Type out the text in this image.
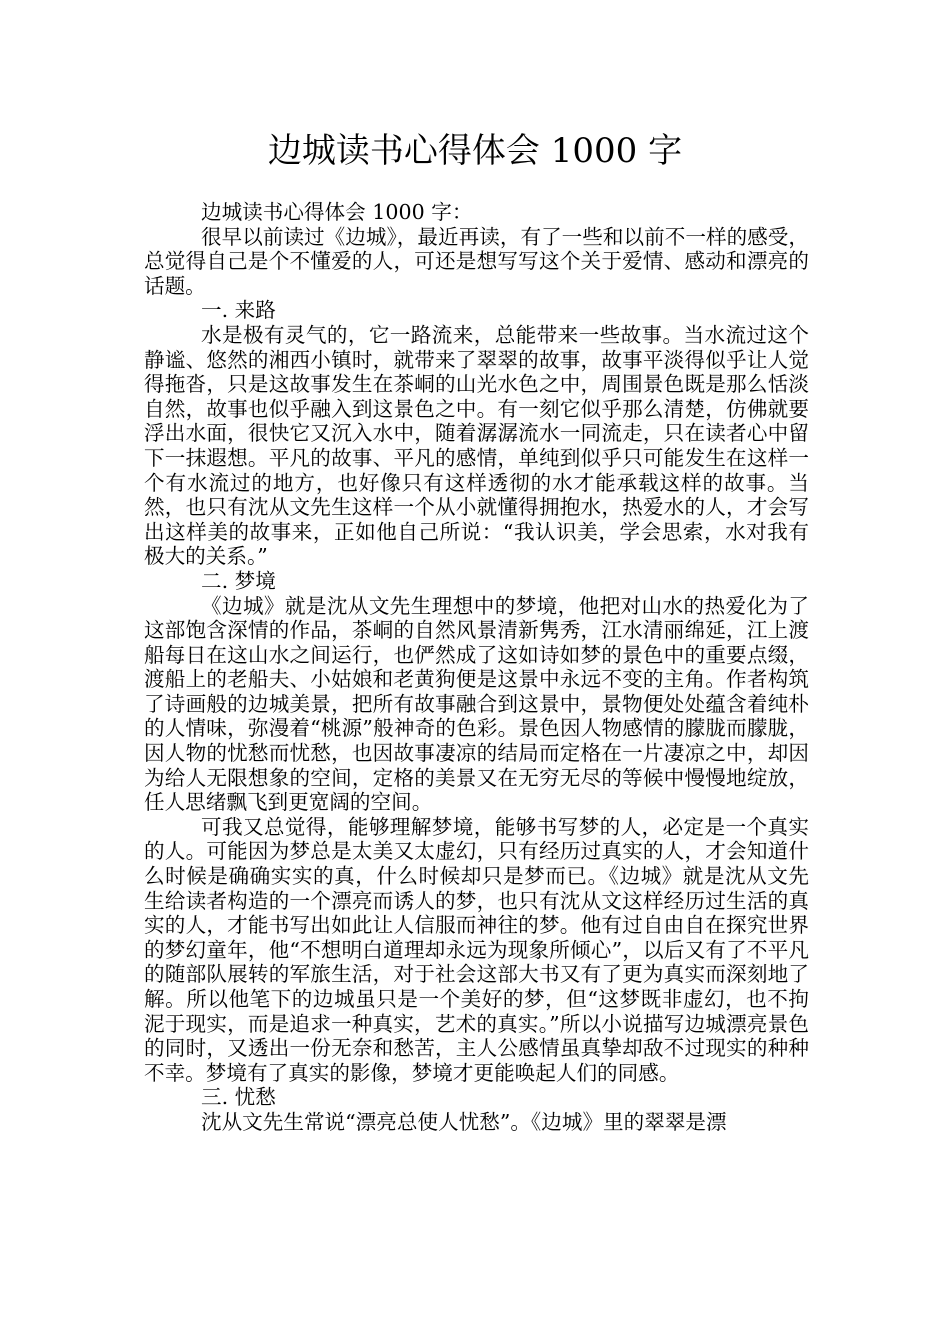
边城读书心得体会 1000 字

边城读书心得体会 1000 字：

很早以前读过《边城》，最近再读，有了一些和以前不一样的感受，总觉得自己是个不懂爱的人，可还是想写写这个关于爱情、感动和漂亮的话题。

一. 来路

水是极有灵气的，它一路流来，总能带来一些故事。当水流过这个静谧、悠然的湘西小镇时，就带来了翠翠的故事，故事平淡得似乎让人觉得拖沓，只是这故事发生在茶峒的山光水色之中，周围景色既是那么恬淡自然，故事也似乎融入到这景色之中。有一刻它似乎那么清楚，仿佛就要浮出水面，很快它又沉入水中，随着潺潺流水一同流走，只在读者心中留下一抹遐想。平凡的故事、平凡的感情，单纯到似乎只可能发生在这样一个有水流过的地方，也好像只有这样透彻的水才能承载这样的故事。当然，也只有沈从文先生这样一个从小就懂得拥抱水，热爱水的人，才会写出这样美的故事来，正如他自己所说：“我认识美，学会思索，水对我有极大的关系。”

二. 梦境

《边城》就是沈从文先生理想中的梦境，他把对山水的热爱化为了这部饱含深情的作品，茶峒的自然风景清新隽秀，江水清丽绵延，江上渡船每日在这山水之间运行，也俨然成了这如诗如梦的景色中的重要点缀，渡船上的老船夫、小姑娘和老黄狗便是这景中永远不变的主角。作者构筑了诗画般的边城美景，把所有故事融合到这景中，景物便处处蕴含着纯朴的人情味，弥漫着“桃源”般神奇的色彩。景色因人物感情的朦胧而朦胧，因人物的忧愁而忧愁，也因故事凄凉的结局而定格在一片凄凉之中，却因为给人无限想象的空间，定格的美景又在无穷无尽的等候中慢慢地绽放，任人思绪飘飞到更宽阔的空间。

可我又总觉得，能够理解梦境，能够书写梦的人，必定是一个真实的人。可能因为梦总是太美又太虚幻，只有经历过真实的人，才会知道什么时候是确确实实的真，什么时候却只是梦而已。《边城》就是沈从文先生给读者构造的一个漂亮而诱人的梦，也只有沈从文这样经历过生活的真实的人，才能书写出如此让人信服而神往的梦。他有过自由自在探究世界的梦幻童年，他“不想明白道理却永远为现象所倾心”，以后又有了不平凡的随部队展转的军旅生活，对于社会这部大书又有了更为真实而深刻地了解。所以他笔下的边城虽只是一个美好的梦，但“这梦既非虚幻，也不拘泥于现实，而是追求一种真实，艺术的真实。”所以小说描写边城漂亮景色的同时，又透出一份无奈和愁苦，主人公感情虽真挚却敌不过现实的种种不幸。梦境有了真实的影像，梦境才更能唤起人们的同感。

三. 忧愁

沈从文先生常说“漂亮总使人忧愁”。《边城》里的翠翠是漂
